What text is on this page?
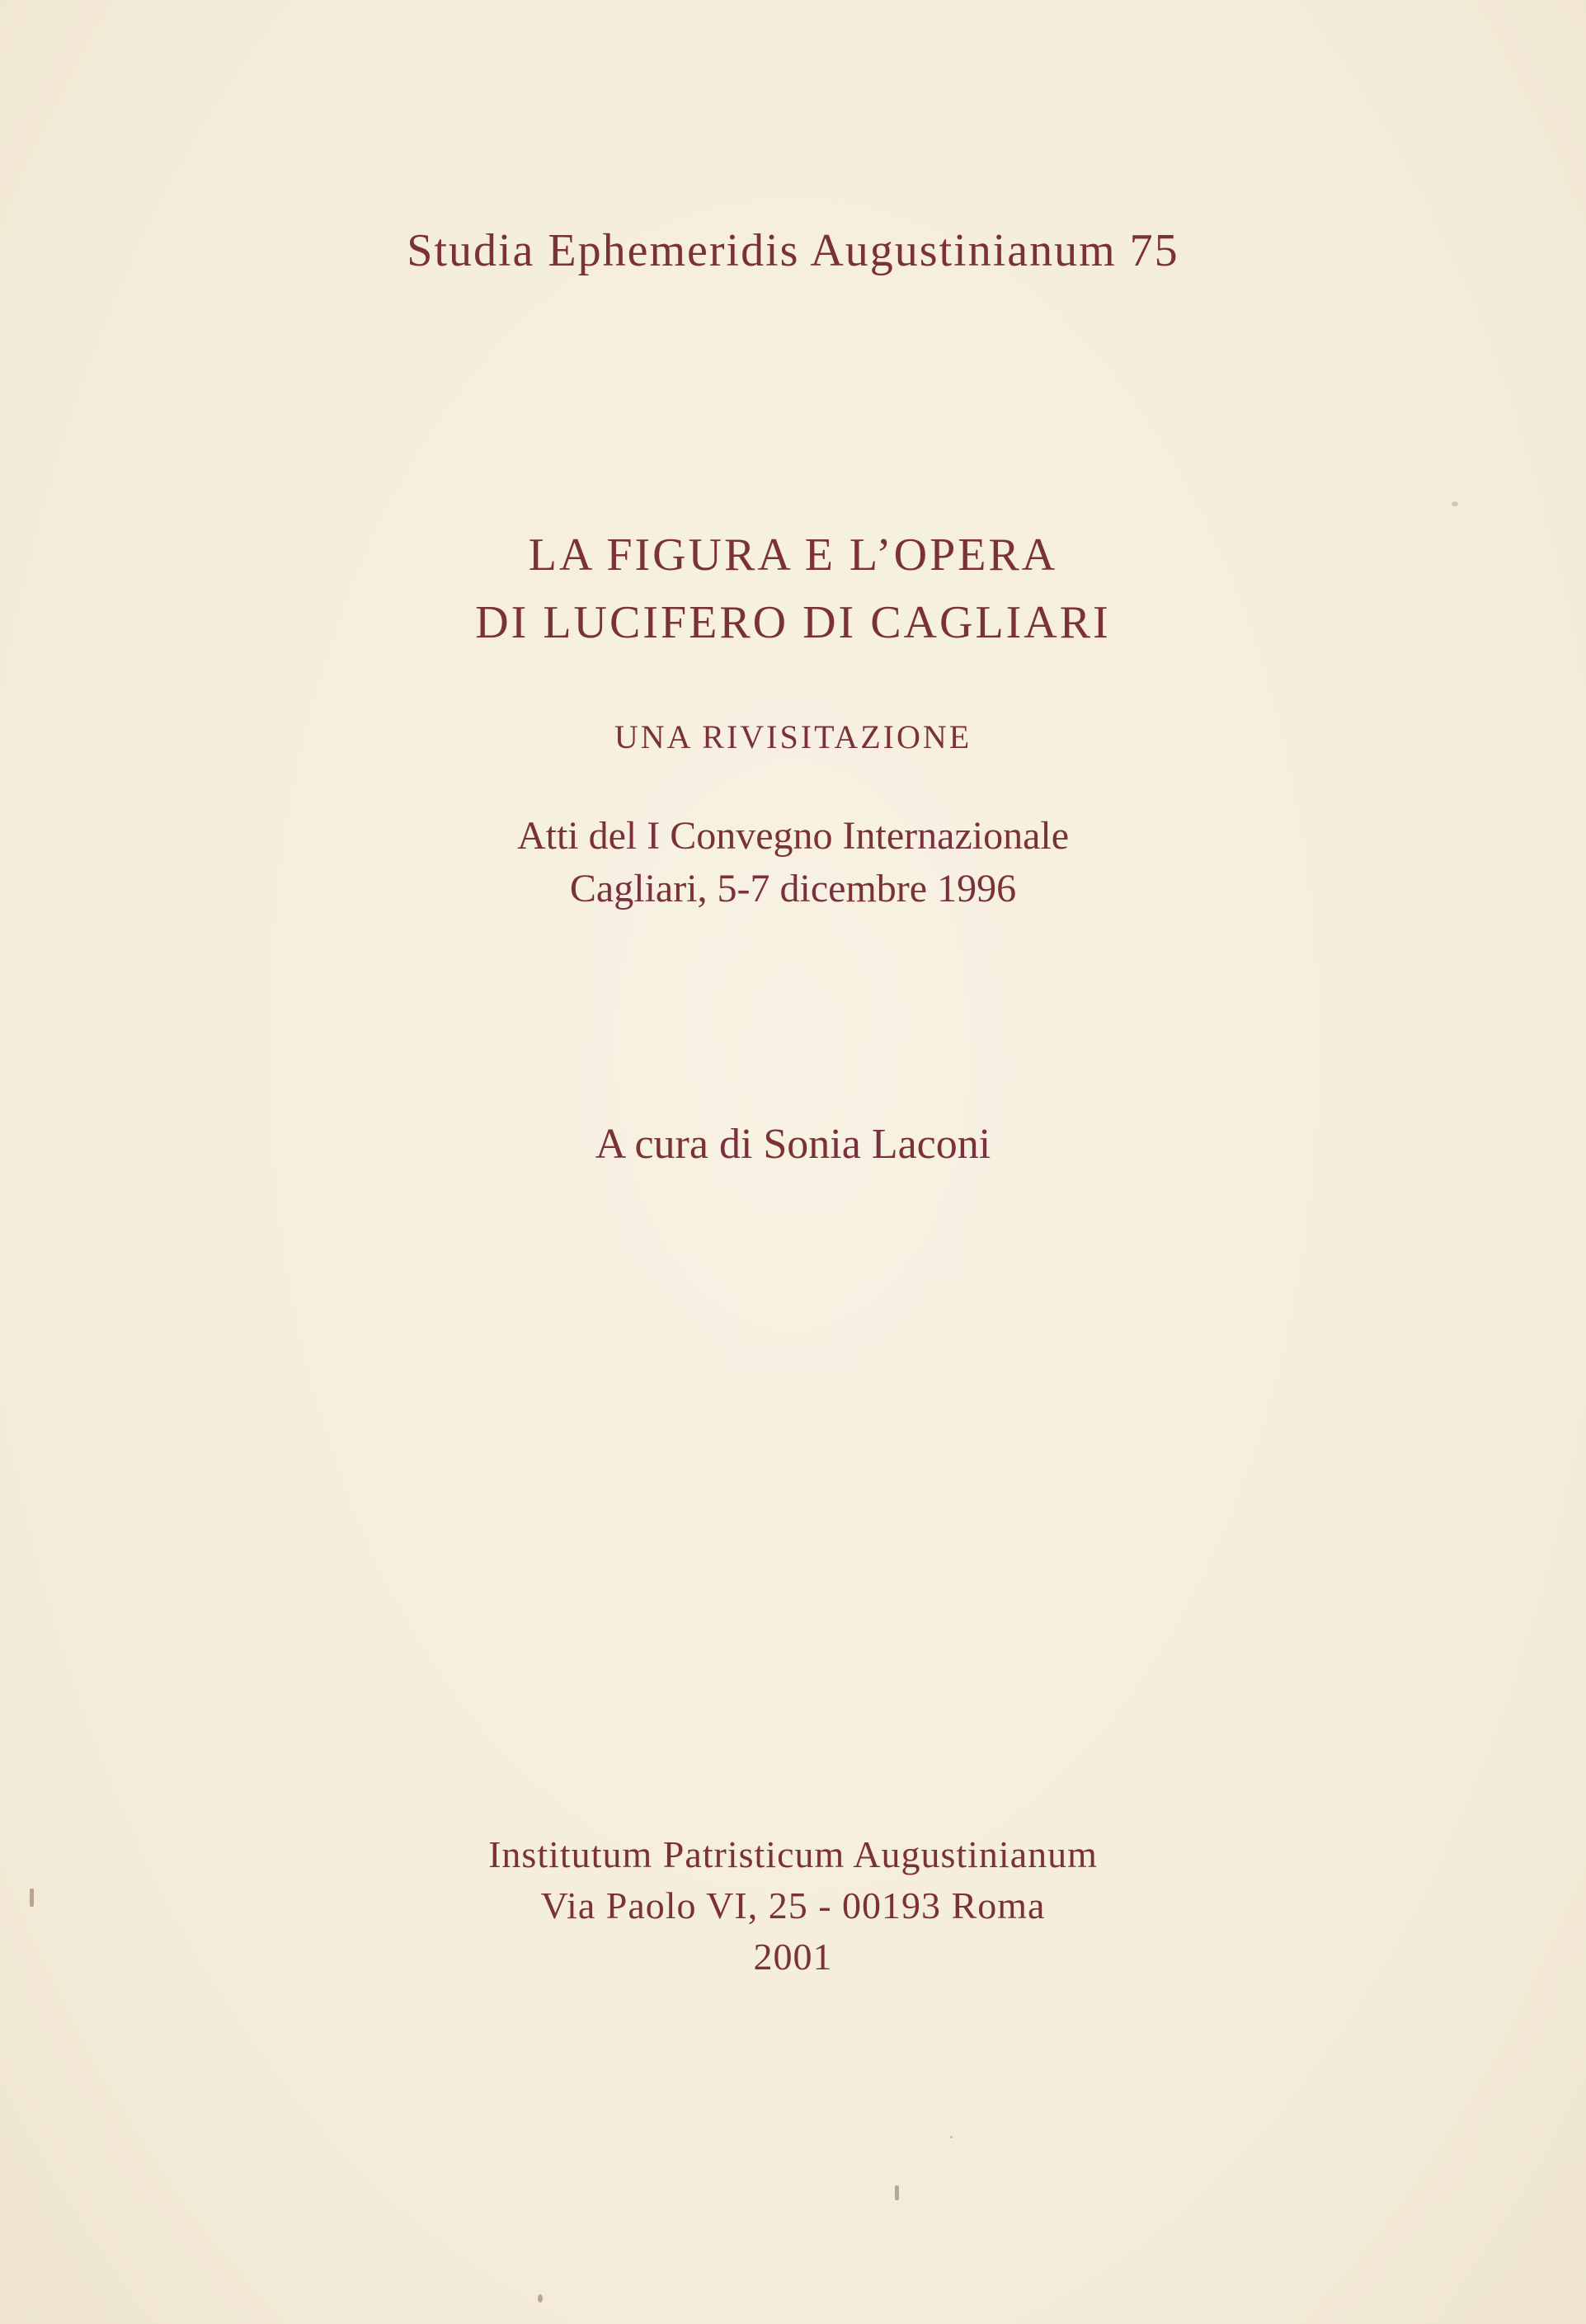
Studia Ephemeridis Augustinianum 75
LA FIGURA E L’OPERA
DI LUCIFERO DI CAGLIARI
UNA RIVISITAZIONE
Atti del I Convegno Internazionale
Cagliari, 5-7 dicembre 1996
A cura di Sonia Laconi
Institutum Patristicum Augustinianum
Via Paolo VI, 25 - 00193 Roma
2001
